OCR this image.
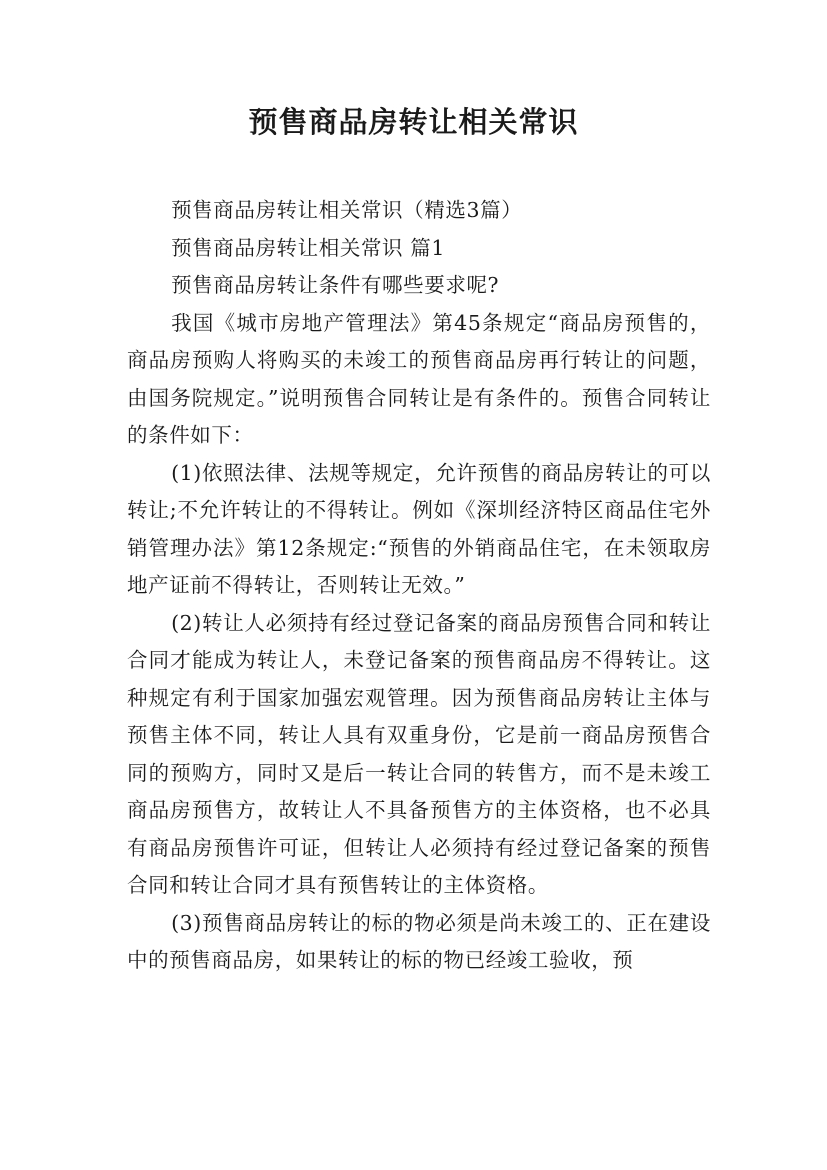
预售商品房转让相关常识

预售商品房转让相关常识（精选3篇）

预售商品房转让相关常识 篇1

预售商品房转让条件有哪些要求呢?

我国《城市房地产管理法》第45条规定“商品房预售的，商品房预购人将购买的未竣工的预售商品房再行转让的问题，由国务院规定。”说明预售合同转让是有条件的。预售合同转让的条件如下：

(1)依照法律、法规等规定，允许预售的商品房转让的可以转让;不允许转让的不得转让。例如《深圳经济特区商品住宅外销管理办法》第12条规定:“预售的外销商品住宅，在未领取房地产证前不得转让，否则转让无效。”

(2)转让人必须持有经过登记备案的商品房预售合同和转让合同才能成为转让人，未登记备案的预售商品房不得转让。这种规定有利于国家加强宏观管理。因为预售商品房转让主体与预售主体不同，转让人具有双重身份，它是前一商品房预售合同的预购方，同时又是后一转让合同的转售方，而不是未竣工商品房预售方，故转让人不具备预售方的主体资格，也不必具有商品房预售许可证，但转让人必须持有经过登记备案的预售合同和转让合同才具有预售转让的主体资格。

(3)预售商品房转让的标的物必须是尚未竣工的、正在建设中的预售商品房，如果转让的标的物已经竣工验收，预
